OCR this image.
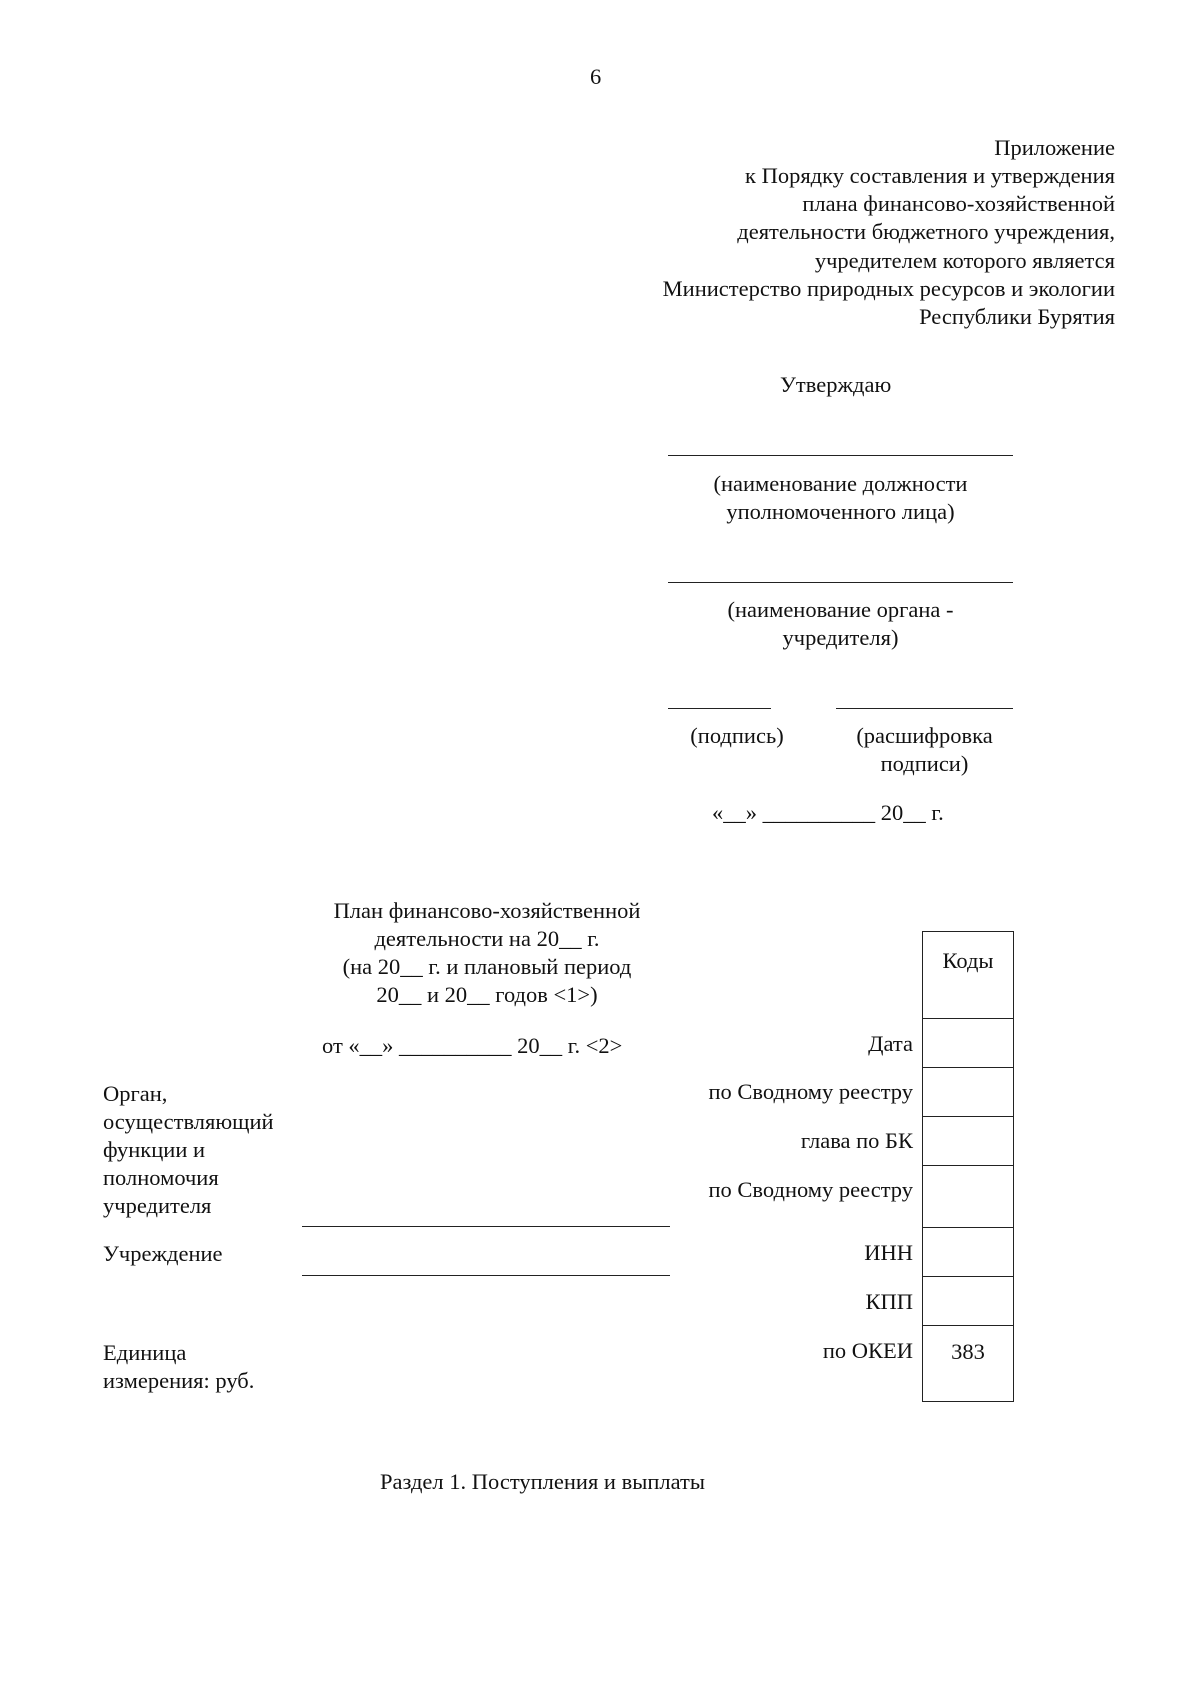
6
Приложение
к Порядку составления и утверждения
плана финансово-хозяйственной
деятельности бюджетного учреждения,
учредителем которого является
Министерство природных ресурсов и экологии
Республики Бурятия
Утверждаю
(наименование должности
уполномоченного лица)
(наименование органа -
учредителя)
(подпись)	(расшифровка
подписи)
«__» __________ 20__ г.
План финансово-хозяйственной
деятельности на 20__ г.
(на 20__ г. и плановый период
20__ и 20__ годов <1>)
от «__» __________ 20__ г. <2>
Орган,
осуществляющий
функции и
полномочия
учредителя
Учреждение
Единица
измерения: руб.
Дата
по Сводному реестру
глава по БК
по Сводному реестру
ИНН
КПП
по ОКЕИ
Коды
383
Раздел 1. Поступления и выплаты
